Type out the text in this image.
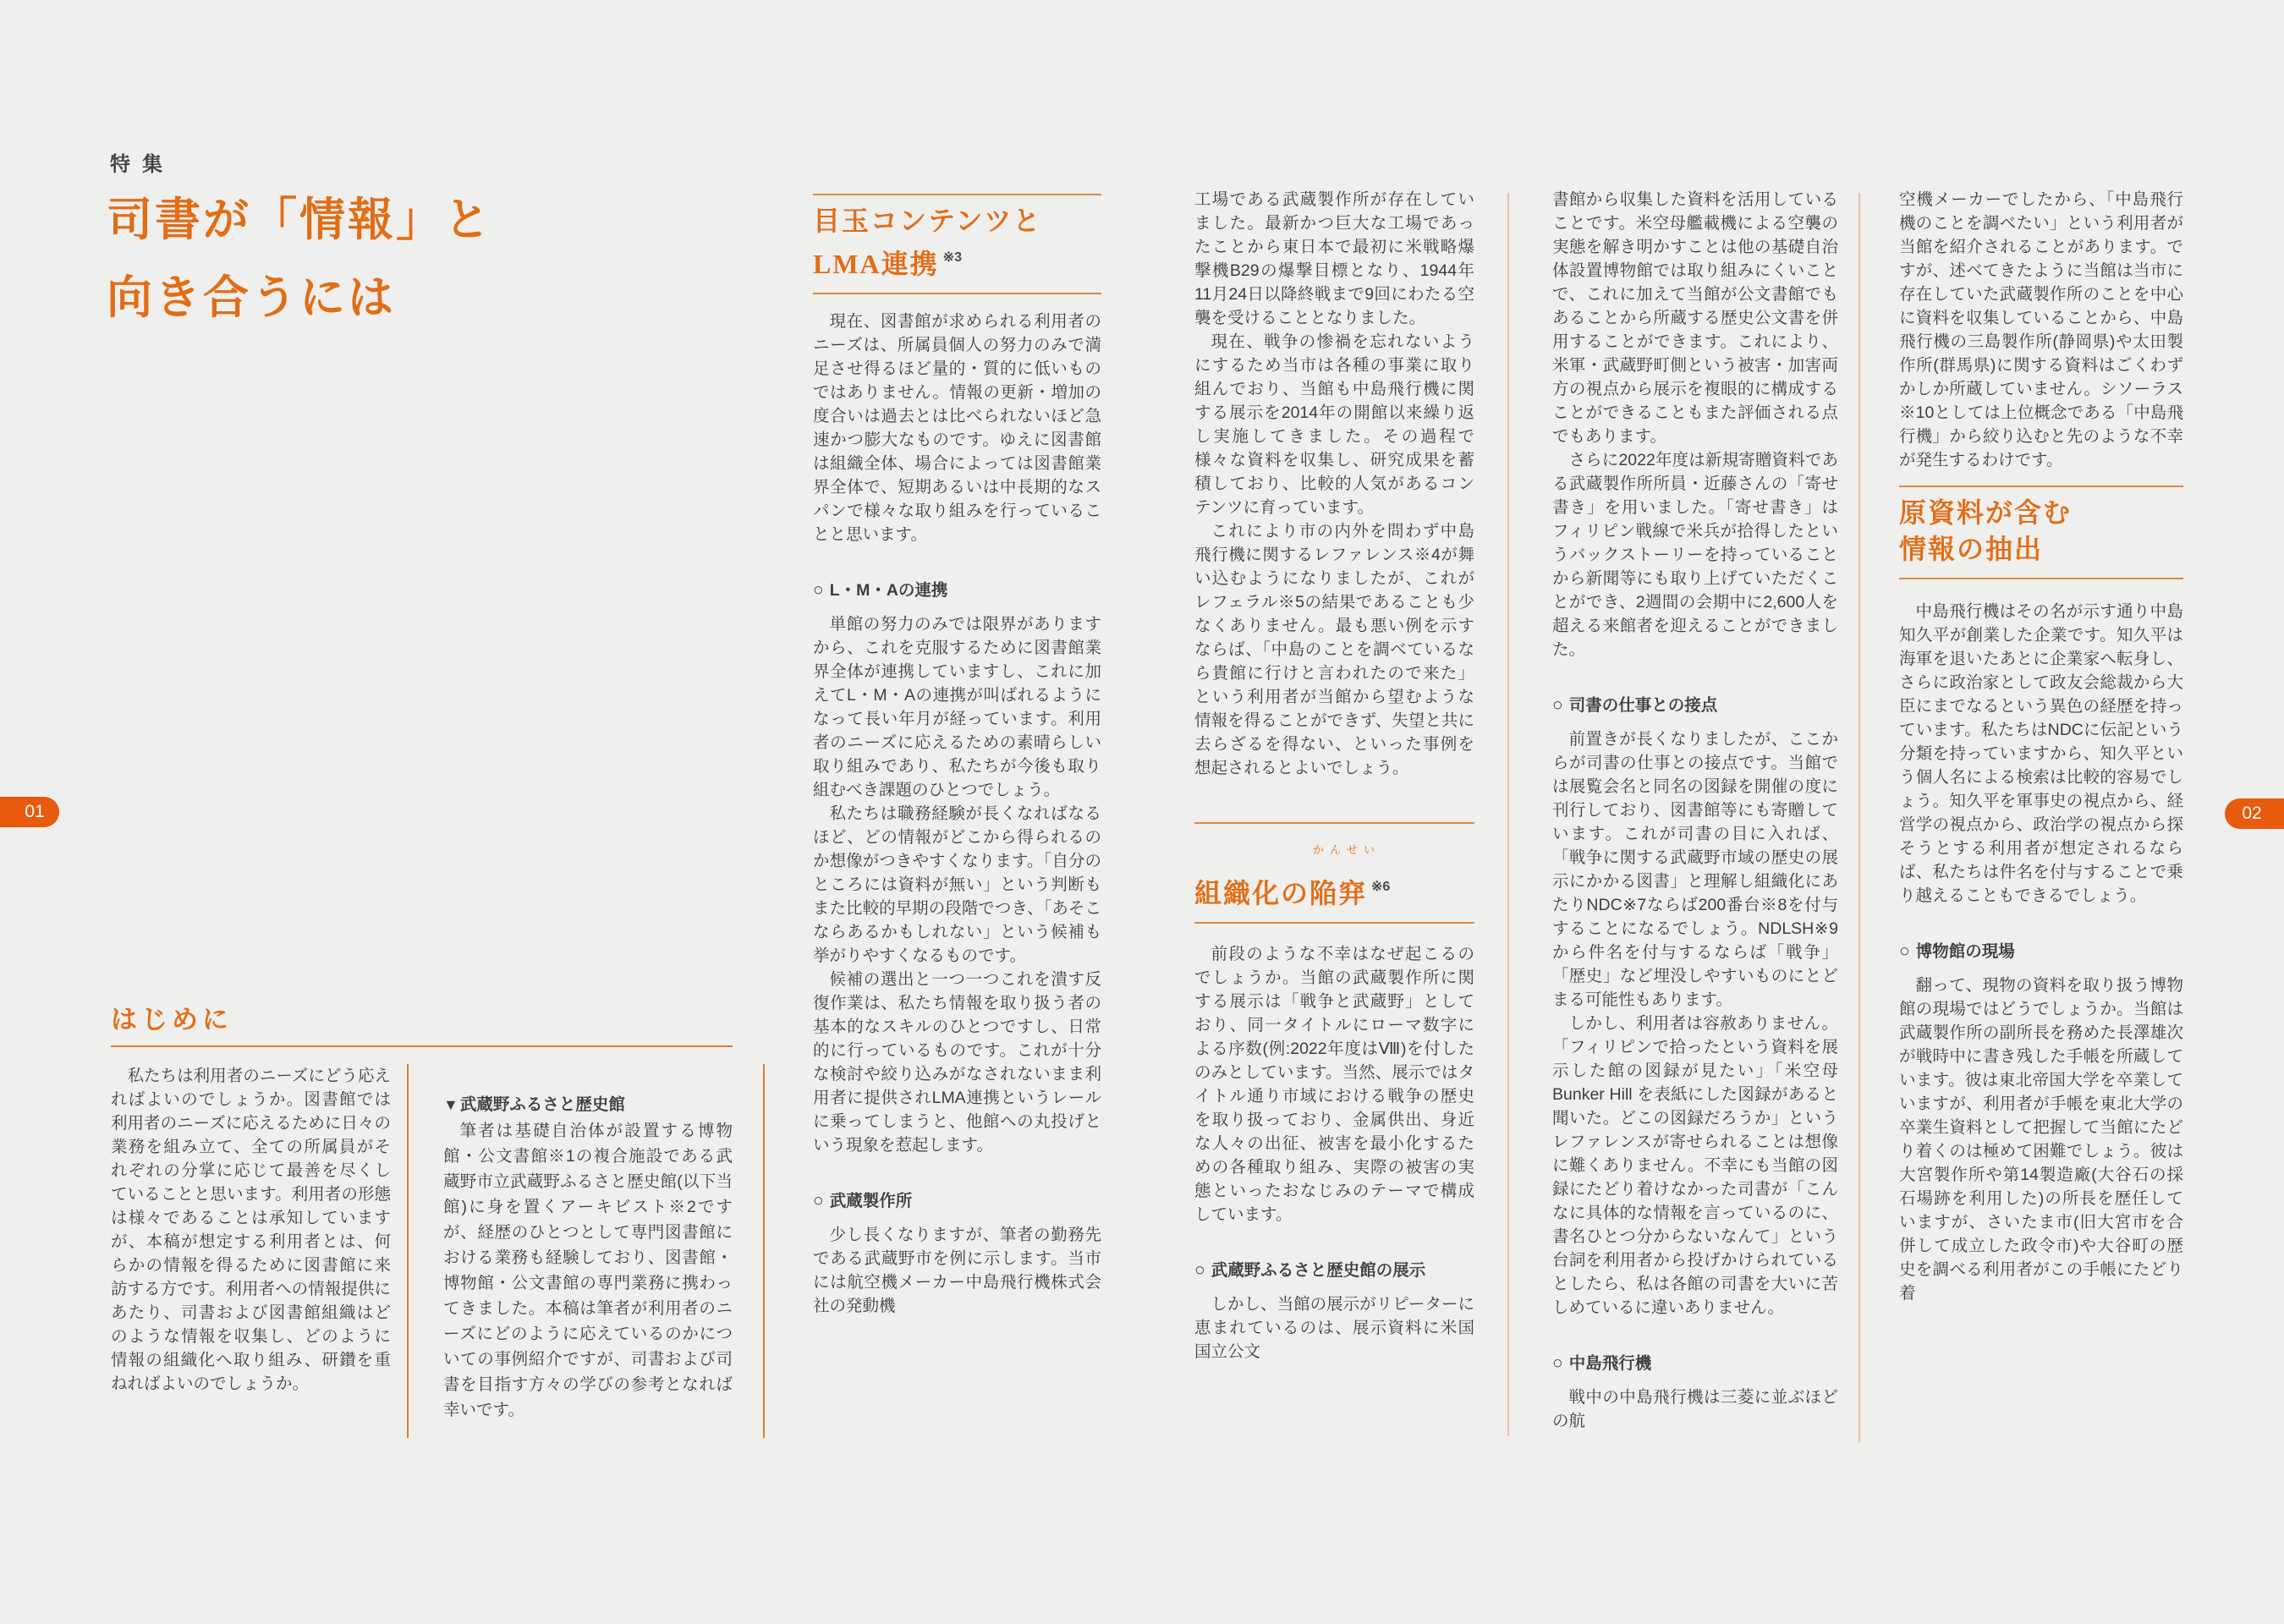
特集
司書が「情報」と
向き合うには
01	02
はじめに

私たちは利用者のニーズにどう応えればよいのでしょうか。図書館では利用者のニーズに応えるために日々の業務を組み立て、全ての所属員がそれぞれの分掌に応じて最善を尽くしていることと思います。利用者の形態は様々であることは承知していますが、本稿が想定する利用者とは、何らかの情報を得るために図書館に来訪する方です。利用者への情報提供にあたり、司書および図書館組織はどのような情報を収集し、どのように情報の組織化へ取り組み、研鑽を重ねればよいのでしょうか。

▼ 武蔵野ふるさと歴史館

筆者は基礎自治体が設置する博物館・公文書館※1の複合施設である武蔵野市立武蔵野ふるさと歴史館(以下当館)に身を置くアーキビスト※2ですが、経歴のひとつとして専門図書館における業務も経験しており、図書館・博物館・公文書館の専門業務に携わってきました。本稿は筆者が利用者のニーズにどのように応えているのかについての事例紹介ですが、司書および司書を目指す方々の学びの参考となれば幸いです。

目玉コンテンツと
LMA連携 $^{※3}$

現在、図書館が求められる利用者のニーズは、所属員個人の努力のみで満足させ得るほど量的・質的に低いものではありません。情報の更新・増加の度合いは過去とは比べられないほど急速かつ膨大なものです。ゆえに図書館は組織全体、場合によっては図書館業界全体で、短期あるいは中長期的なスパンで様々な取り組みを行っていることと思います。

○ L・M・Aの連携

単館の努力のみでは限界がありますから、これを克服するために図書館業界全体が連携していますし、これに加えてL・M・Aの連携が叫ばれるようになって長い年月が経っています。利用者のニーズに応えるための素晴らしい取り組みであり、私たちが今後も取り組むべき課題のひとつでしょう。

私たちは職務経験が長くなればなるほど、どの情報がどこから得られるのか想像がつきやすくなります。「自分のところには資料が無い」という判断もまた比較的早期の段階でつき、「あそこならあるかもしれない」という候補も挙がりやすくなるものです。

候補の選出と一つ一つこれを潰す反復作業は、私たち情報を取り扱う者の基本的なスキルのひとつですし、日常的に行っているものです。これが十分な検討や絞り込みがなされないまま利用者に提供されLMA連携というレールに乗ってしまうと、他館への丸投げという現象を惹起します。

○ 武蔵製作所

少し長くなりますが、筆者の勤務先である武蔵野市を例に示します。当市には航空機メーカー中島飛行機株式会社の発動機

工場である武蔵製作所が存在していました。最新かつ巨大な工場であったことから東日本で最初に米戦略爆撃機B29の爆撃目標となり、1944年11月24日以降終戦まで9回にわたる空襲を受けることとなりました。

現在、戦争の惨禍を忘れないようにするため当市は各種の事業に取り組んでおり、当館も中島飛行機に関する展示を2014年の開館以来繰り返し実施してきました。その過程で様々な資料を収集し、研究成果を蓄積しており、比較的人気があるコンテンツに育っています。

これにより市の内外を問わず中島飛行機に関するレファレンス※4が舞い込むようになりましたが、これがレフェラル※5の結果であることも少なくありません。最も悪い例を示すならば、「中島のことを調べているなら貴館に行けと言われたので来た」という利用者が当館から望むような情報を得ることができず、失望と共に去らざるを得ない、といった事例を想起されるとよいでしょう。

かんせい
組織化の陥穽 $^{※6}$

前段のような不幸はなぜ起こるのでしょうか。当館の武蔵製作所に関する展示は「戦争と武蔵野」としており、同一タイトルにローマ数字による序数(例:2022年度はⅧ)を付したのみとしています。当然、展示ではタイトル通り市域における戦争の歴史を取り扱っており、金属供出、身近な人々の出征、被害を最小化するための各種取り組み、実際の被害の実態といったおなじみのテーマで構成しています。

○ 武蔵野ふるさと歴史館の展示

しかし、当館の展示がリピーターに恵まれているのは、展示資料に米国国立公文

書館から収集した資料を活用していることです。米空母艦載機による空襲の実態を解き明かすことは他の基礎自治体設置博物館では取り組みにくいことで、これに加えて当館が公文書館でもあることから所蔵する歴史公文書を併用することができます。これにより、米軍・武蔵野町側という被害・加害両方の視点から展示を複眼的に構成することができることもまた評価される点でもあります。

さらに2022年度は新規寄贈資料である武蔵製作所所員・近藤さんの「寄せ書き」を用いました。「寄せ書き」はフィリピン戦線で米兵が拾得したというバックストーリーを持っていることから新聞等にも取り上げていただくことができ、2週間の会期中に2,600人を超える来館者を迎えることができました。

○ 司書の仕事との接点

前置きが長くなりましたが、ここからが司書の仕事との接点です。当館では展覧会名と同名の図録を開催の度に刊行しており、図書館等にも寄贈しています。これが司書の目に入れば、「戦争に関する武蔵野市域の歴史の展示にかかる図書」と理解し組織化にあたりNDC※7ならば200番台※8を付与することになるでしょう。NDLSH※9から件名を付与するならば「戦争」「歴史」など埋没しやすいものにとどまる可能性もあります。

しかし、利用者は容赦ありません。「フィリピンで拾ったという資料を展示した館の図録が見たい」「米空母 Bunker Hill を表紙にした図録があると聞いた。どこの図録だろうか」というレファレンスが寄せられることは想像に難くありません。不幸にも当館の図録にたどり着けなかった司書が「こんなに具体的な情報を言っているのに、書名ひとつ分からないなんて」という台詞を利用者から投げかけられているとしたら、私は各館の司書を大いに苦しめているに違いありません。

○ 中島飛行機

戦中の中島飛行機は三菱に並ぶほどの航

空機メーカーでしたから、「中島飛行機のことを調べたい」という利用者が当館を紹介されることがあります。ですが、述べてきたように当館は当市に存在していた武蔵製作所のことを中心に資料を収集していることから、中島飛行機の三島製作所(静岡県)や太田製作所(群馬県)に関する資料はごくわずかしか所蔵していません。シソーラス※10としては上位概念である「中島飛行機」から絞り込むと先のような不幸が発生するわけです。

原資料が含む
情報の抽出

中島飛行機はその名が示す通り中島知久平が創業した企業です。知久平は海軍を退いたあとに企業家へ転身し、さらに政治家として政友会総裁から大臣にまでなるという異色の経歴を持っています。私たちはNDCに伝記という分類を持っていますから、知久平という個人名による検索は比較的容易でしょう。知久平を軍事史の視点から、経営学の視点から、政治学の視点から探そうとする利用者が想定されるならば、私たちは件名を付与することで乗り越えることもできるでしょう。

○ 博物館の現場

翻って、現物の資料を取り扱う博物館の現場ではどうでしょうか。当館は武蔵製作所の副所長を務めた長澤雄次が戦時中に書き残した手帳を所蔵しています。彼は東北帝国大学を卒業していますが、利用者が手帳を東北大学の卒業生資料として把握して当館にたどり着くのは極めて困難でしょう。彼は大宮製作所や第14製造廠(大谷石の採石場跡を利用した)の所長を歴任していますが、さいたま市(旧大宮市を合併して成立した政令市)や大谷町の歴史を調べる利用者がこの手帳にたどり着
